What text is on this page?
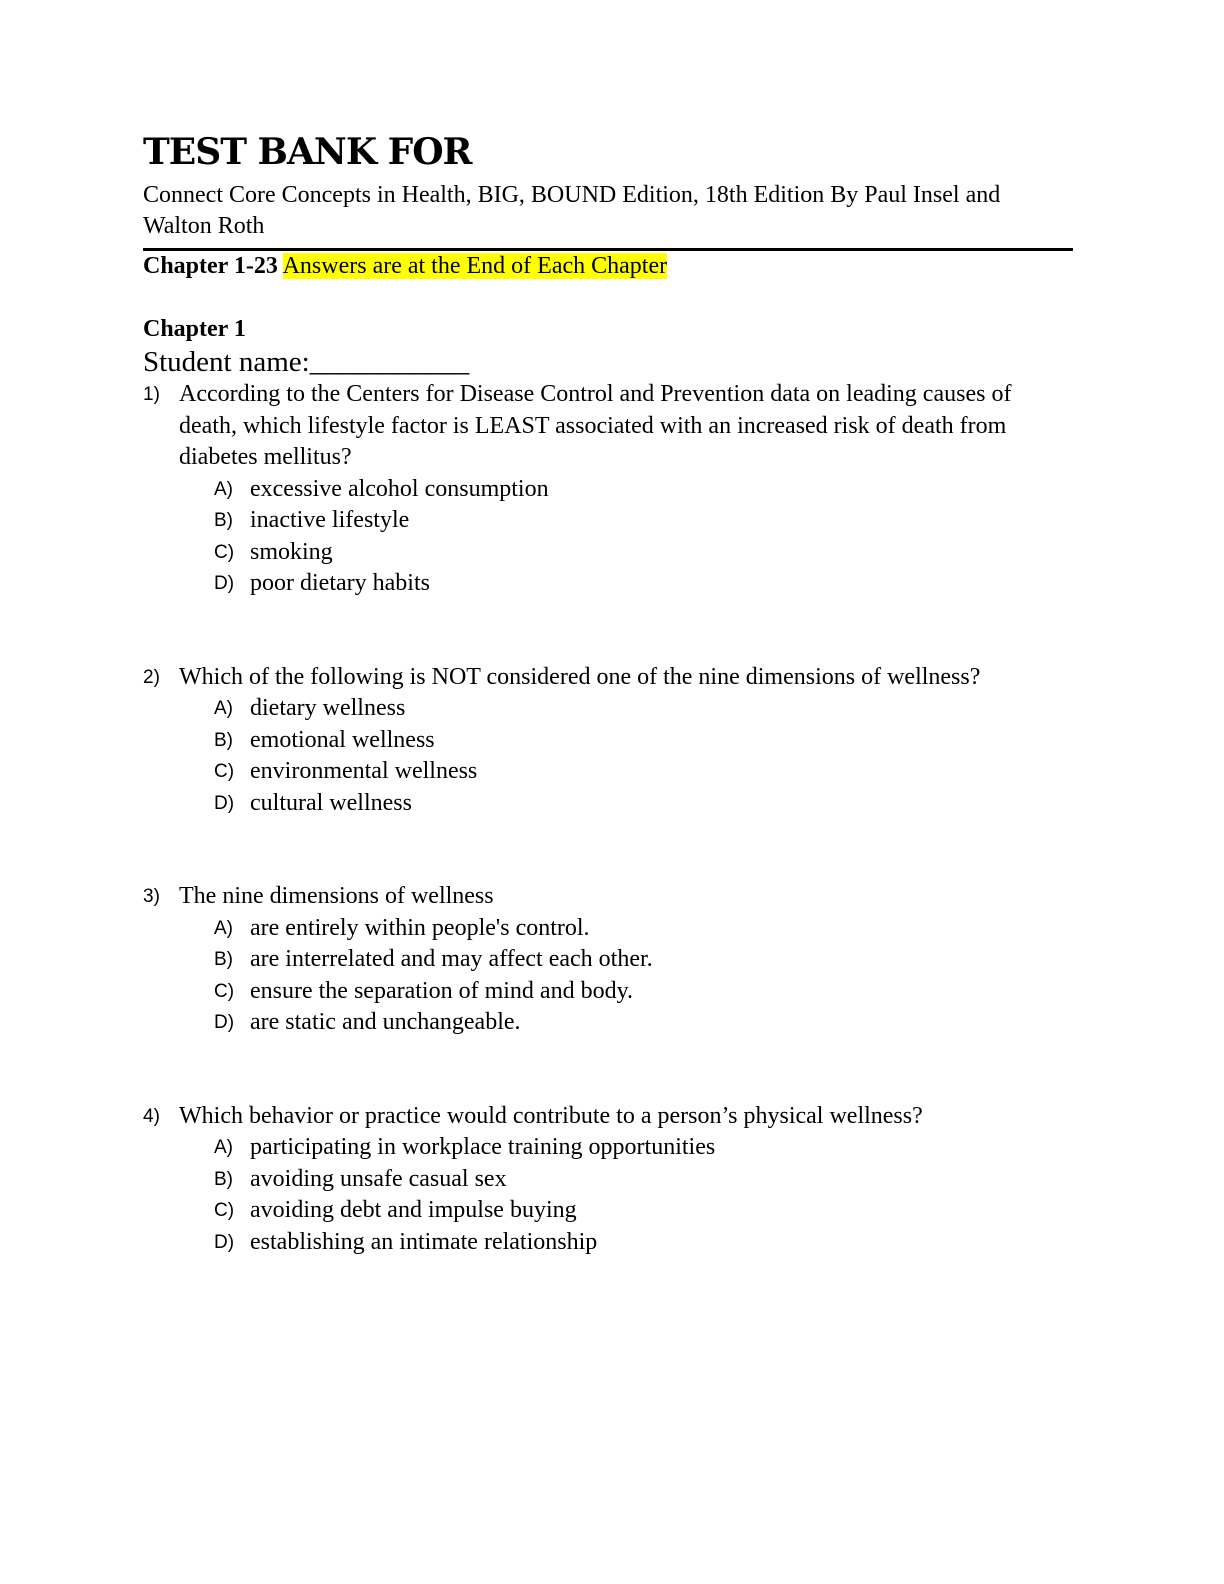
TEST BANK FOR
Connect Core Concepts in Health, BIG, BOUND Edition, 18th Edition By Paul Insel and Walton Roth
Chapter 1-23 Answers are at the End of Each Chapter
Chapter 1
Student name:___________
1) According to the Centers for Disease Control and Prevention data on leading causes of death, which lifestyle factor is LEAST associated with an increased risk of death from diabetes mellitus?
A) excessive alcohol consumption
B) inactive lifestyle
C) smoking
D) poor dietary habits
2) Which of the following is NOT considered one of the nine dimensions of wellness?
A) dietary wellness
B) emotional wellness
C) environmental wellness
D) cultural wellness
3) The nine dimensions of wellness
A) are entirely within people's control.
B) are interrelated and may affect each other.
C) ensure the separation of mind and body.
D) are static and unchangeable.
4) Which behavior or practice would contribute to a person’s physical wellness?
A) participating in workplace training opportunities
B) avoiding unsafe casual sex
C) avoiding debt and impulse buying
D) establishing an intimate relationship
